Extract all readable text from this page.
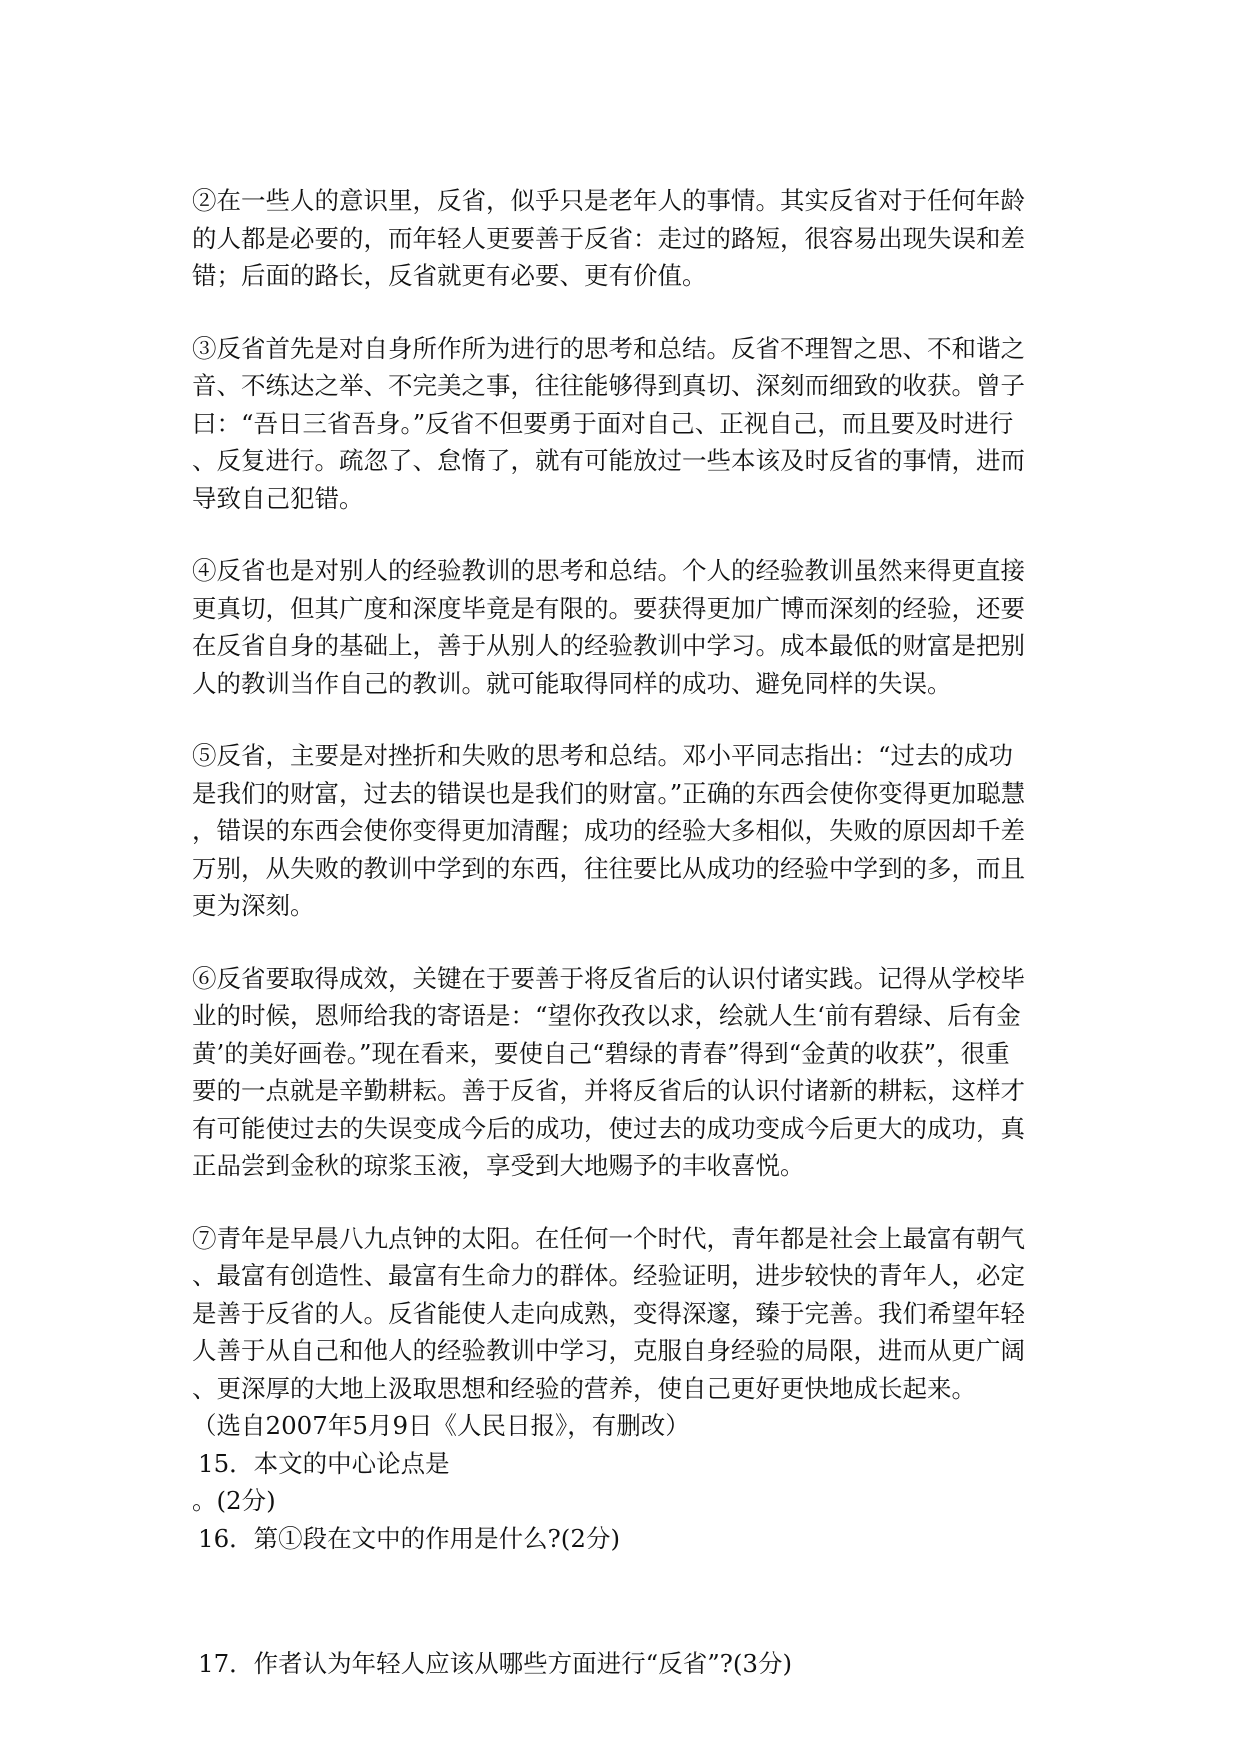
②在一些人的意识里，反省，似乎只是老年人的事情。其实反省对于任何年龄

的人都是必要的，而年轻人更要善于反省：走过的路短，很容易出现失误和差

错；后面的路长，反省就更有必要、更有价值。

③反省首先是对自身所作所为进行的思考和总结。反省不理智之思、不和谐之

音、不练达之举、不完美之事，往往能够得到真切、深刻而细致的收获。曾子

曰：“吾日三省吾身。”反省不但要勇于面对自己、正视自己，而且要及时进行

、反复进行。疏忽了、怠惰了，就有可能放过一些本该及时反省的事情，进而

导致自己犯错。

④反省也是对别人的经验教训的思考和总结。个人的经验教训虽然来得更直接

更真切，但其广度和深度毕竟是有限的。要获得更加广博而深刻的经验，还要

在反省自身的基础上，善于从别人的经验教训中学习。成本最低的财富是把别

人的教训当作自己的教训。就可能取得同样的成功、避免同样的失误。

⑤反省，主要是对挫折和失败的思考和总结。邓小平同志指出：“过去的成功

是我们的财富，过去的错误也是我们的财富。”正确的东西会使你变得更加聪慧

，错误的东西会使你变得更加清醒；成功的经验大多相似，失败的原因却千差

万别，从失败的教训中学到的东西，往往要比从成功的经验中学到的多，而且

更为深刻。

⑥反省要取得成效，关键在于要善于将反省后的认识付诸实践。记得从学校毕

业的时候，恩师给我的寄语是：“望你孜孜以求，绘就人生‘前有碧绿、后有金

黄’的美好画卷。”现在看来，要使自己“碧绿的青春”得到“金黄的收获”，很重

要的一点就是辛勤耕耘。善于反省，并将反省后的认识付诸新的耕耘，这样才

有可能使过去的失误变成今后的成功，使过去的成功变成今后更大的成功，真

正品尝到金秋的琼浆玉液，享受到大地赐予的丰收喜悦。

⑦青年是早晨八九点钟的太阳。在任何一个时代，青年都是社会上最富有朝气

、最富有创造性、最富有生命力的群体。经验证明，进步较快的青年人，必定

是善于反省的人。反省能使人走向成熟，变得深邃，臻于完善。我们希望年轻

人善于从自己和他人的经验教训中学习，克服自身经验的局限，进而从更广阔

、更深厚的大地上汲取思想和经验的营养，使自己更好更快地成长起来。

（选自2007年5月9日《人民日报》，有删改）

15．本文的中心论点是

。(2分)

16．第①段在文中的作用是什么?(2分)

17．作者认为年轻人应该从哪些方面进行“反省”?(3分)
